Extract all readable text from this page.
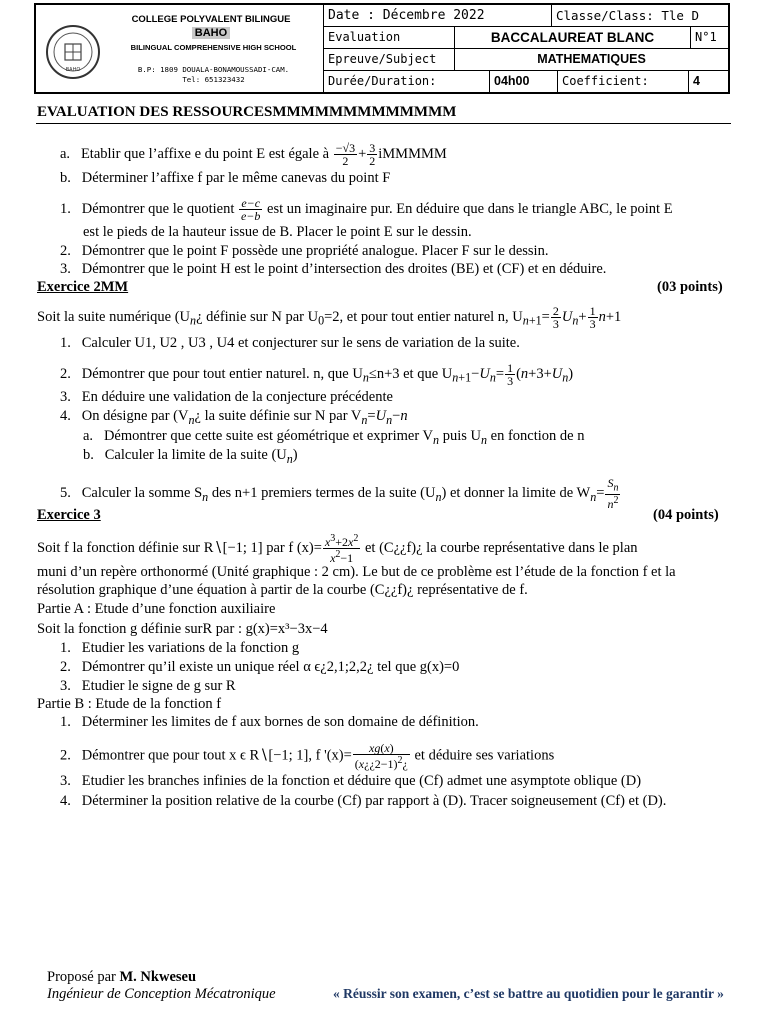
BAHO
COLLEGE POLYVALENT BILINGUE
BAHO
BILINGUAL COMPREHENSIVE HIGH SCHOOL
B.P: 1809 DOUALA-BONAMOUSSADI-CAM.
Tel: 651323432
Date : Décembre 2022	Classe/Class: Tle D
Evaluation	BACCALAUREAT BLANC	N°1
Epreuve/Subject	MATHEMATIQUES
Durée/Duration:	04h00	Coefficient:	4
EVALUATION DES RESSOURCESMMMMMMMMMMMMM
a.   Etablir que l’affixe e du point E est égale à $\frac{-√3}{2} + \frac{3}{2}$ iMMMMM
b.   Déterminer l’affixe f par le même canevas du point F
1.   Démontrer que le quotient $\frac{e-c}{e-b}$ est un imaginaire pur. En déduire que dans le triangle ABC, le point E
est le pieds de la hauteur issue de B. Placer le point E sur le dessin.
2.   Démontrer que le point F possède une propriété analogue. Placer F sur le dessin.
3.   Démontrer que le point H est le point d’intersection des droites (BE) et (CF) et en déduire.
Exercice 2MM	(03 points)
Soit la suite numérique ($U_n¿$ définie sur N par $U_0=2$, et pour tout entier naturel n, $U_{n+1}= \frac{2}{3} U_n+ \frac{1}{3} n+1$
1.   Calculer U1, U2 , U3 , U4 et conjecturer sur le sens de variation de la suite.
2.   Démontrer que pour tout entier naturel. n, que $U_n\le n+3$ et que $U_{n+1}-U_n= \frac{1}{3} (n+3+U_n)$
3.   En déduire une validation de la conjecture précédente
4.   On désigne par ($V_n¿$ la suite définie sur N par $V_n=U_n-n$
a.   Démontrer que cette suite est géométrique et exprimer $V_n$ puis $U_n$ en fonction de n
b.   Calculer la limite de la suite $(U_n)$
5.   Calculer la somme $S_n$ des n+1 premiers termes de la suite $(U_n)$ et donner la limite de $W_n= \frac{S_n}{n^2}$
Exercice 3	(04 points)
Soit f la fonction définie sur R∖[−1; 1] par f $(x)= \frac{x^3+2x^2}{x^2-1}$ et (C¿¿f)¿ la courbe représentative dans le plan
muni d’un repère orthonormé (Unité graphique : 2 cm). Le but de ce problème est l’étude de la fonction f et la
résolution graphique d’une équation à partir de la courbe (C¿¿f)¿ représentative de f.
Partie A : Etude d’une fonction auxiliaire
Soit la fonction g définie surR par : g(x)=x³−3x−4
1.   Etudier les variations de la fonction g
2.   Démontrer qu’il existe un unique réel α ϵ¿2,1;2,2¿ tel que g(x)=0
3.   Etudier le signe de g sur R
Partie B : Etude de la fonction f
1.   Déterminer les limites de f aux bornes de son domaine de définition.
2.   Démontrer que pour tout x ϵ R∖[−1; 1], f '$(x)= \frac{xg(x)}{(x¿¿2-1)^2¿}$ et déduire ses variations
3.   Etudier les branches infinies de la fonction et déduire que (Cf) admet une asymptote oblique (D)
4.   Déterminer la position relative de la courbe (Cf) par rapport à (D). Tracer soigneusement (Cf) et (D).
Proposé par M. Nkweseu
Ingénieur de Conception Mécatronique	« Réussir son examen, c’est se battre au quotidien pour le garantir »
